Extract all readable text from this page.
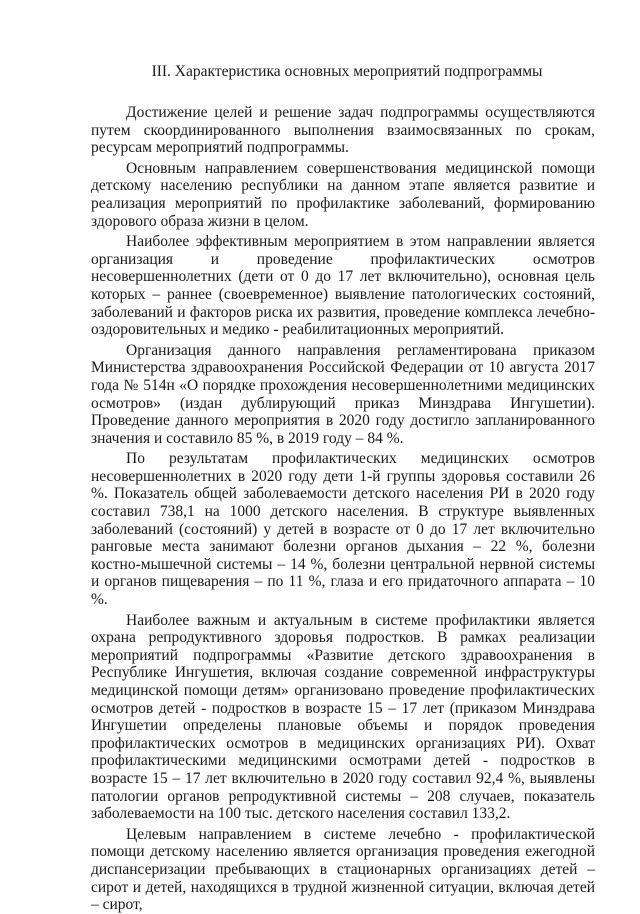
III. Характеристика основных мероприятий подпрограммы

Достижение целей и решение задач подпрограммы осуществляются путем скоординированного выполнения взаимосвязанных по срокам, ресурсам мероприятий подпрограммы.

Основным направлением совершенствования медицинской помощи детскому населению республики на данном этапе является развитие и реализация мероприятий по профилактике заболеваний, формированию здорового образа жизни в целом.

Наиболее эффективным мероприятием в этом направлении является организация и проведение профилактических осмотров несовершеннолетних (дети от 0 до 17 лет включительно), основная цель которых – раннее (своевременное) выявление патологических состояний, заболеваний и факторов риска их развития, проведение комплекса лечебно-оздоровительных и медико - реабилитационных мероприятий.

Организация данного направления регламентирована приказом Министерства здравоохранения Российской Федерации от 10 августа 2017 года № 514н «О порядке прохождения несовершеннолетними медицинских осмотров» (издан дублирующий приказ Минздрава Ингушетии). Проведение данного мероприятия в 2020 году достигло запланированного значения и составило 85 %, в 2019 году – 84 %.

По результатам профилактических медицинских осмотров несовершеннолетних в 2020 году дети 1-й группы здоровья составили 26 %. Показатель общей заболеваемости детского населения РИ в 2020 году составил 738,1 на 1000 детского населения. В структуре выявленных заболеваний (состояний) у детей в возрасте от 0 до 17 лет включительно ранговые места занимают болезни органов дыхания – 22 %, болезни костно-мышечной системы – 14 %, болезни центральной нервной системы и органов пищеварения – по 11 %, глаза и его придаточного аппарата – 10 %.

Наиболее важным и актуальным в системе профилактики является охрана репродуктивного здоровья подростков. В рамках реализации мероприятий подпрограммы «Развитие детского здравоохранения в Республике Ингушетия, включая создание современной инфраструктуры медицинской помощи детям» организовано проведение профилактических осмотров детей - подростков в возрасте 15 – 17 лет (приказом Минздрава Ингушетии определены плановые объемы и порядок проведения профилактических осмотров в медицинских организациях РИ). Охват профилактическими медицинскими осмотрами детей - подростков в возрасте 15 – 17 лет включительно в 2020 году составил 92,4 %, выявлены патологии органов репродуктивной системы – 208 случаев, показатель заболеваемости на 100 тыс. детского населения составил 133,2.

Целевым направлением в системе лечебно - профилактической помощи детскому населению является организация проведения ежегодной диспансеризации пребывающих в стационарных организациях детей – сирот и детей, находящихся в трудной жизненной ситуации, включая детей – сирот,
